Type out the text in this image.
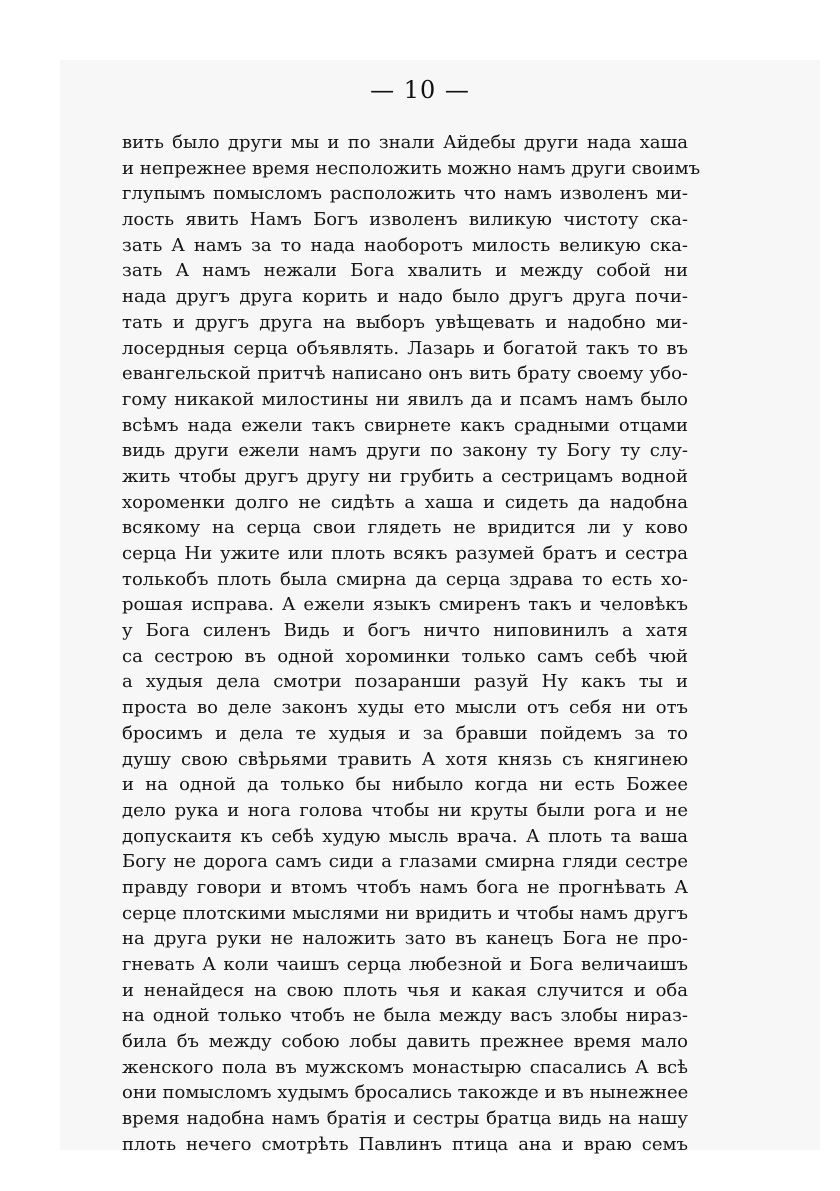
— 10 —
вить было други мы и по знали Айдебы други нада хаша
и непрежнее время несположить можно намъ други своимъ
глупымъ помысломъ расположить что намъ изволенъ ми-
лость явить Намъ Богъ изволенъ виликую чистоту ска-
зать А намъ за то нада наоборотъ милость великую ска-
зать А намъ нежали Бога хвалить и между собой ни
нада другъ друга корить и надо было другъ друга почи-
тать и другъ друга на выборъ увѣщевать и надобно ми-
лосердныя серца объявлять. Лазарь и богатой такъ то въ
евангельской притчѣ написано онъ вить брату своему убо-
гому никакой милостины ни явилъ да и псамъ намъ было
всѣмъ нада ежели такъ свирнете какъ срадными отцами
видь други ежели намъ други по закону ту Богу ту слу-
жить чтобы другъ другу ни грубить а сестрицамъ водной
хороменки долго не сидѣть а хаша и сидеть да надобна
всякому на серца свои глядеть не вридится ли у ково
серца Ни ужите или плоть всякъ разумей братъ и сестра
толькобъ плоть была смирна да серца здрава то есть хо-
рошая исправа. А ежели языкъ смиренъ такъ и человѣкъ
у Бога силенъ Видь и богъ ничто нипoвинилъ а хатя
са сестрою въ одной хороминки только самъ себѣ чюй
а худыя дела смотри позаранши разуй Ну какъ ты и
проста во деле законъ худы ето мысли отъ себя ни отъ
бросимъ и дела те худыя и за бравши пойдемъ за то
душу свою свѣрьями травить А хотя князь съ княгинею
и на одной да только бы нибыло когда ни есть Божее
дело рука и нога голова чтобы ни круты были рога и не
допускаитя къ себѣ худую мысль врача. А плоть та ваша
Богу не дорога самъ сиди а глазами смирна гляди сестре
правду говори и втомъ чтобъ намъ бога не прогнѣвать А
серце плотскими мыслями ни вридить и чтобы намъ другъ
на друга руки не наложить зато въ канецъ Бога не про-
гневать А коли чаишъ серца любезной и Бога величаишъ
и ненайдеся на свою плоть чья и какая случится и оба
на одной только чтобъ не была между васъ злобы ниpаз-
била бъ между собою лобы давить прежнее время мало
женского пола въ мужскомъ монастырю спасались А всѣ
они помысломъ худымъ бросались такожде и въ нынежнее
время надобна намъ братія и сестры братца видь на нашу
плоть нечего смотрѣть Павлинъ птица ана и враю семъ
